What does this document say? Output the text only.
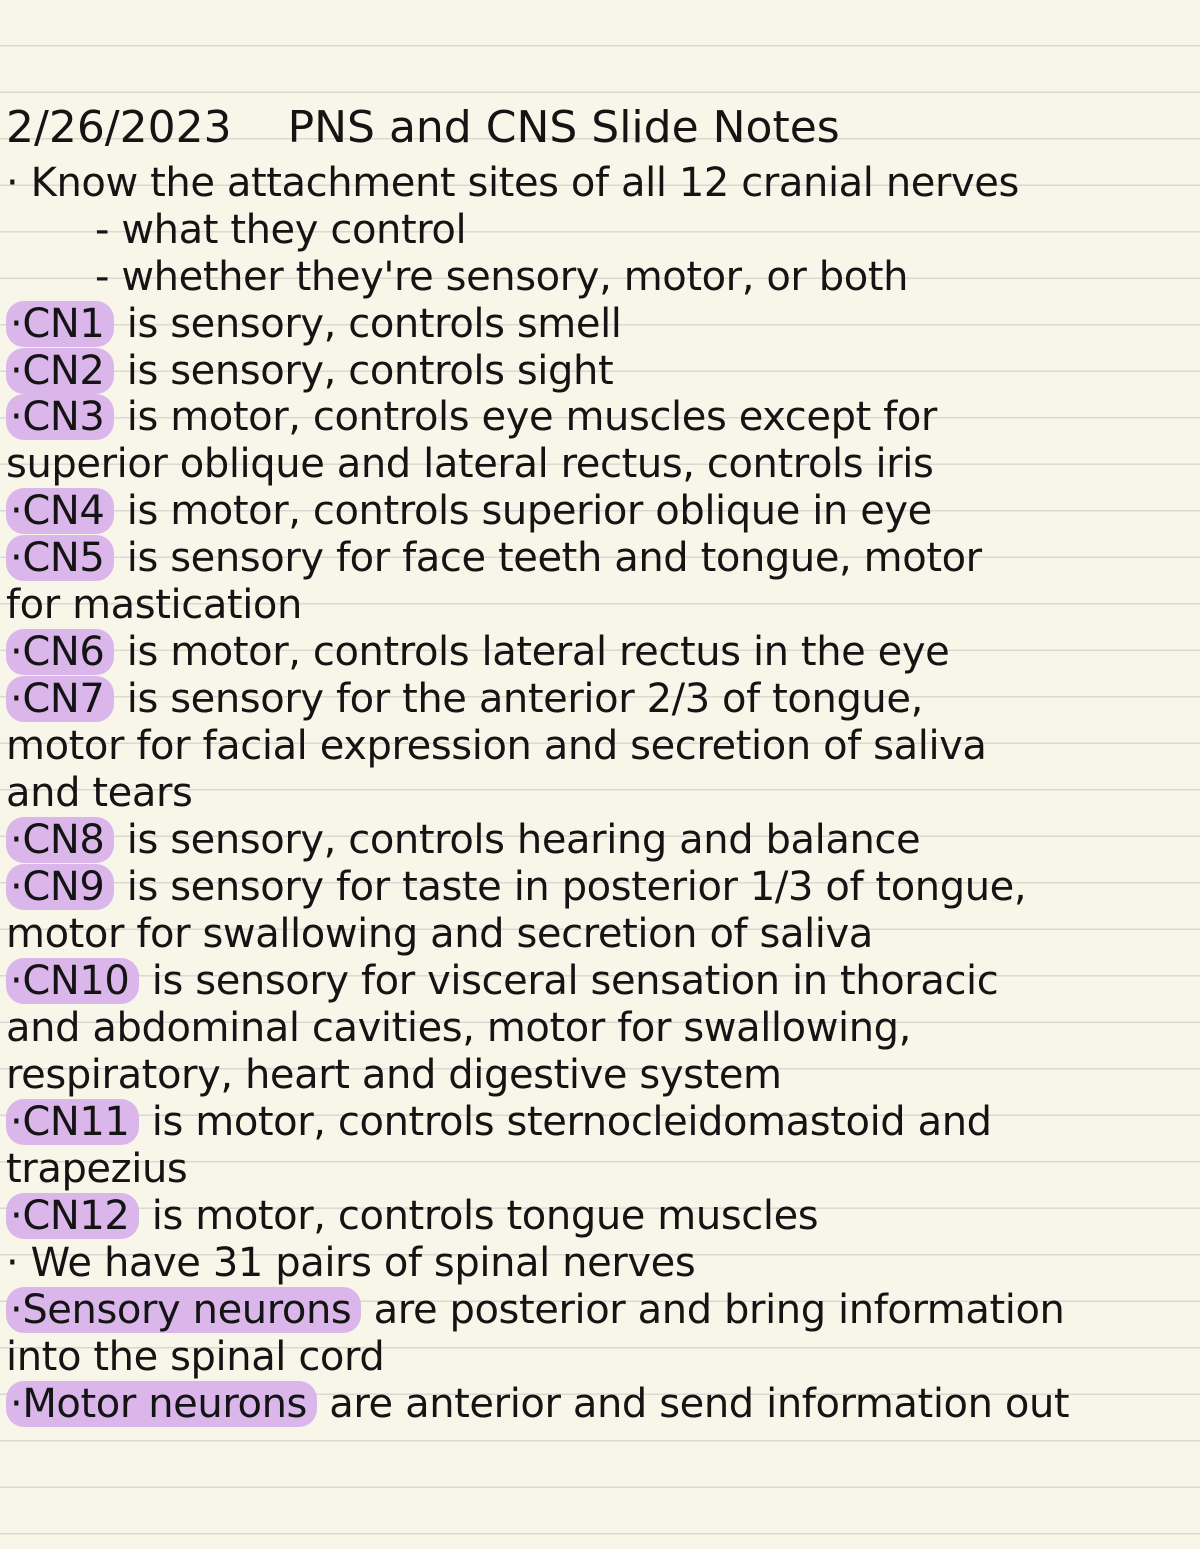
2/26/2023 PNS and CNS Slide Notes
· Know the attachment sites of all 12 cranial nerves
- what they control
- whether they're sensory, motor, or both
·CN1 is sensory, controls smell
·CN2 is sensory, controls sight
·CN3 is motor, controls eye muscles except for
superior oblique and lateral rectus, controls iris
·CN4 is motor, controls superior oblique in eye
·CN5 is sensory for face teeth and tongue, motor
for mastication
·CN6 is motor, controls lateral rectus in the eye
·CN7 is sensory for the anterior 2/3 of tongue,
motor for facial expression and secretion of saliva
and tears
·CN8 is sensory, controls hearing and balance
·CN9 is sensory for taste in posterior 1/3 of tongue,
motor for swallowing and secretion of saliva
·CN10 is sensory for visceral sensation in thoracic
and abdominal cavities, motor for swallowing,
respiratory, heart and digestive system
·CN11 is motor, controls sternocleidomastoid and
trapezius
·CN12 is motor, controls tongue muscles
· We have 31 pairs of spinal nerves
·Sensory neurons are posterior and bring information
into the spinal cord
·Motor neurons are anterior and send information out
